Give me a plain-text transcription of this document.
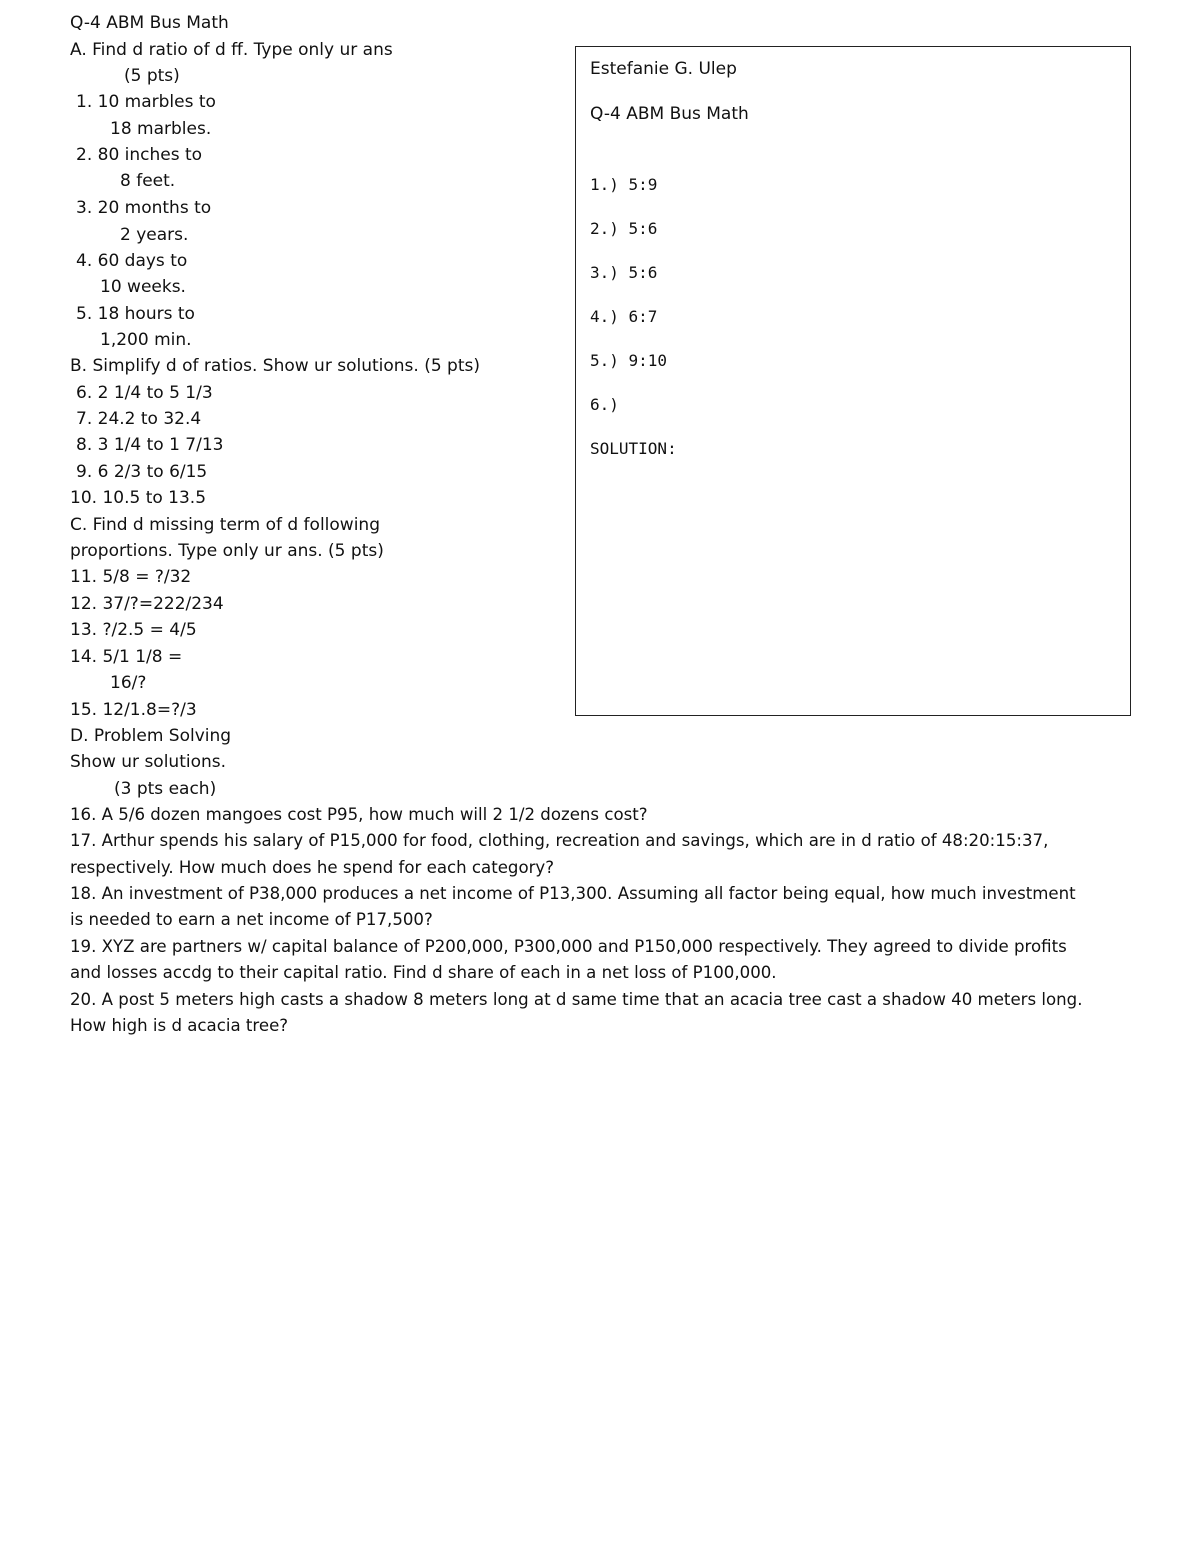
Q-4 ABM Bus Math
A. Find d ratio of d ff. Type only ur ans
(5 pts)
1. 10 marbles to
18 marbles.
2. 80 inches to
8 feet.
3. 20 months to
2 years.
4. 60 days to
10 weeks.
5. 18 hours to
1,200 min.
B. Simplify d of ratios. Show ur solutions. (5 pts)
6. 2 1/4 to 5 1/3
7. 24.2 to 32.4
8. 3 1/4 to 1 7/13
9. 6 2/3 to 6/15
10. 10.5 to 13.5
C. Find d missing term of d following
proportions. Type only ur ans. (5 pts)
11. 5/8 = ?/32
12. 37/?=222/234
13. ?/2.5 = 4/5
14. 5/1 1/8 =
16/?
15. 12/1.8=?/3
D. Problem Solving
Show ur solutions.
(3 pts each)
16. A 5/6 dozen mangoes cost P95, how much will 2 1/2 dozens cost?
17. Arthur spends his salary of P15,000 for food, clothing, recreation and savings, which are in d ratio of 48:20:15:37,
respectively. How much does he spend for each category?
18. An investment of P38,000 produces a net income of P13,300. Assuming all factor being equal, how much investment
is needed to earn a net income of P17,500?
19. XYZ are partners w/ capital balance of P200,000, P300,000 and P150,000 respectively. They agreed to divide profits
and losses accdg to their capital ratio. Find d share of each in a net loss of P100,000.
20. A post 5 meters high casts a shadow 8 meters long at d same time that an acacia tree cast a shadow 40 meters long.
How high is d acacia tree?
Estefanie G. Ulep
Q-4 ABM Bus Math
1.) 5:9
2.) 5:6
3.) 5:6
4.) 6:7
5.) 9:10
6.)
SOLUTION:
